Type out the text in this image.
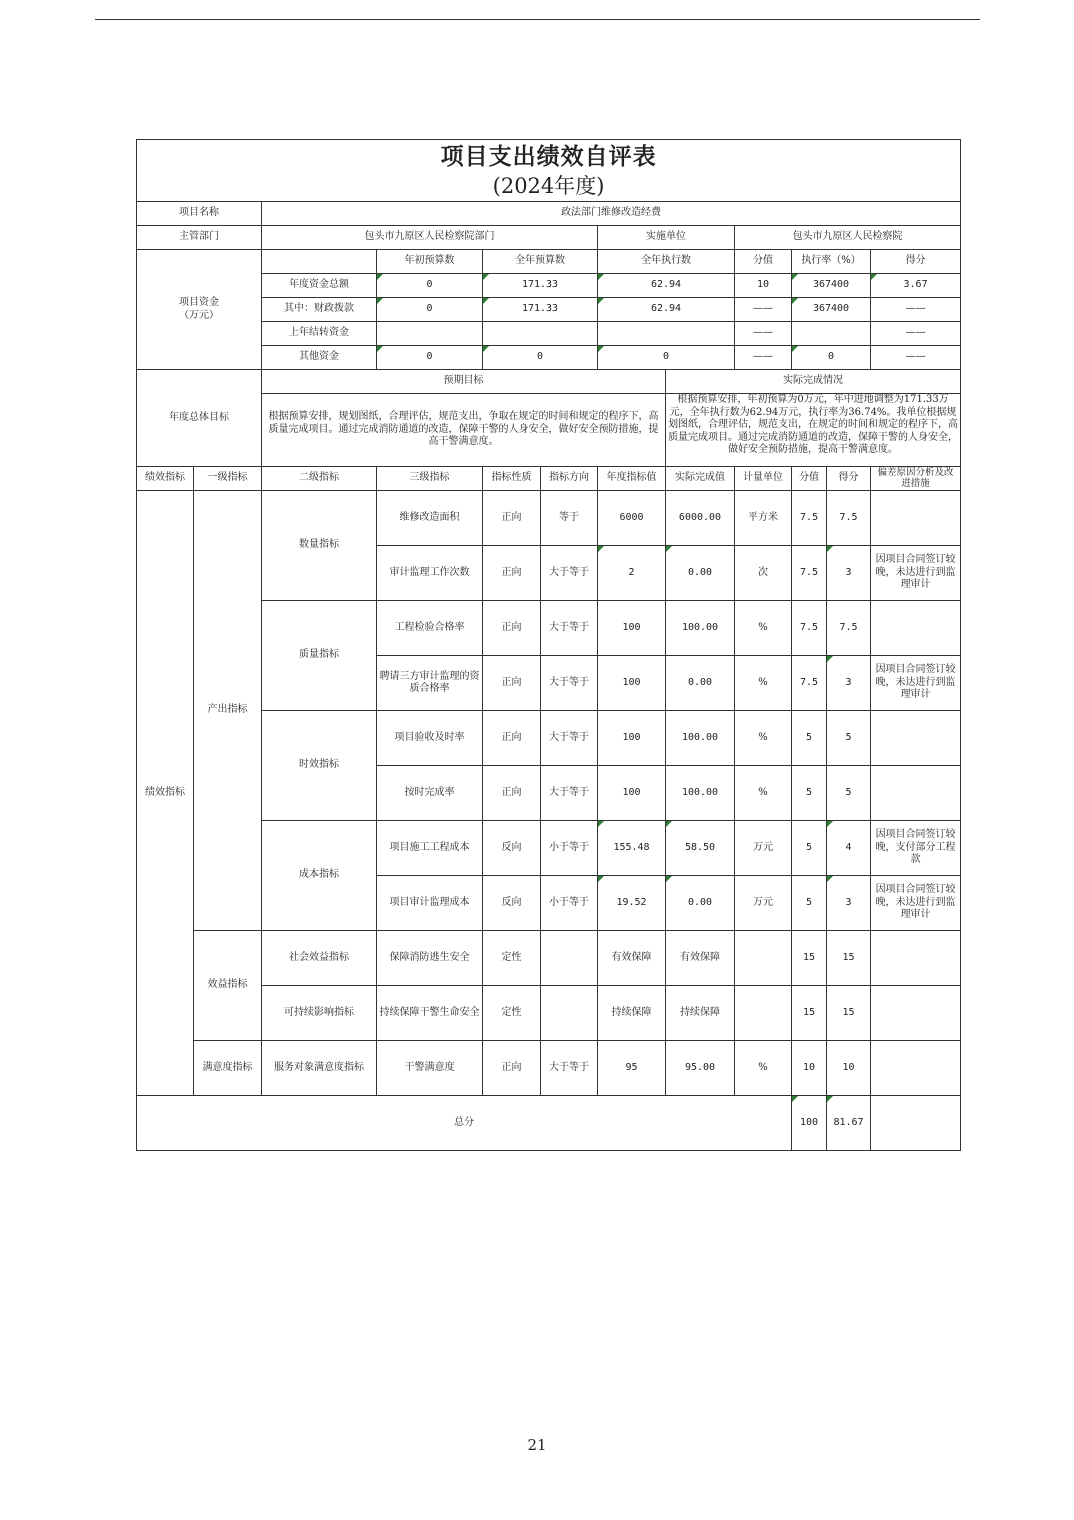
项目支出绩效自评表
(2024年度)											

项目名称		政法部门维修改造经费									
主管部门		包头市九原区人民检察院部门				实施单位		包头市九原区人民检察院			
项目资金
（万元）			年初预算数	全年预算数		全年执行数		分值	执行率（%）		得分
		年度资金总额	0	171.33		62.94		10	367400		3.67
		其中：财政拨款	0	171.33		62.94		——	367400		——
		上年结转资金						——			——
		其他资金	0	0		0		——	0		——
年度总体目标		预期目标					实际完成情况				
		根据预算安排，规划图纸，合理评估，规范支出，争取在规定的时间和规定的程序下，高质量完成项目。通过完成消防通道的改造，保障干警的人身安全，做好安全预防措施，提高干警满意度。					根据预算安排，年初预算为0万元，年中进地调整为171.33万元，全年执行数为62.94万元，执行率为36.74%。我单位根据规划图纸，合理评估，规范支出，在规定的时间和规定的程序下，高质量完成项目。通过完成消防通道的改造，保障干警的人身安全，做好安全预防措施，提高干警满意度。				

绩效指标	一级指标	二级指标	三级指标	指标性质	指标方向	年度指标值	实际完成值	计量单位	分值	得分	偏差原因分析及改进措施
绩效指标	产出指标	数量指标	维修改造面积	正向	等于	6000	6000.00	平方米	7.5	7.5	
			审计监理工作次数	正向	大于等于	2	0.00	次	7.5	3	因项目合同签订较晚，未达进行到监理审计
		质量指标	工程检验合格率	正向	大于等于	100	100.00	%	7.5	7.5	
			聘请三方审计监理的资质合格率	正向	大于等于	100	0.00	%	7.5	3	因项目合同签订较晚，未达进行到监理审计
		时效指标	项目验收及时率	正向	大于等于	100	100.00	%	5	5	
			按时完成率	正向	大于等于	100	100.00	%	5	5	
		成本指标	项目施工工程成本	反向	小于等于	155.48	58.50	万元	5	4	因项目合同签订较晚，支付部分工程款
			项目审计监理成本	反向	小于等于	19.52	0.00	万元	5	3	因项目合同签订较晚，未达进行到监理审计
	效益指标	社会效益指标	保障消防逃生安全	定性		有效保障	有效保障		15	15	
		可持续影响指标	持续保障干警生命安全	定性		持续保障	持续保障		15	15	
	满意度指标	服务对象满意度指标	干警满意度	正向	大于等于	95	95.00	%	10	10	
总分									100	81.67	
21
